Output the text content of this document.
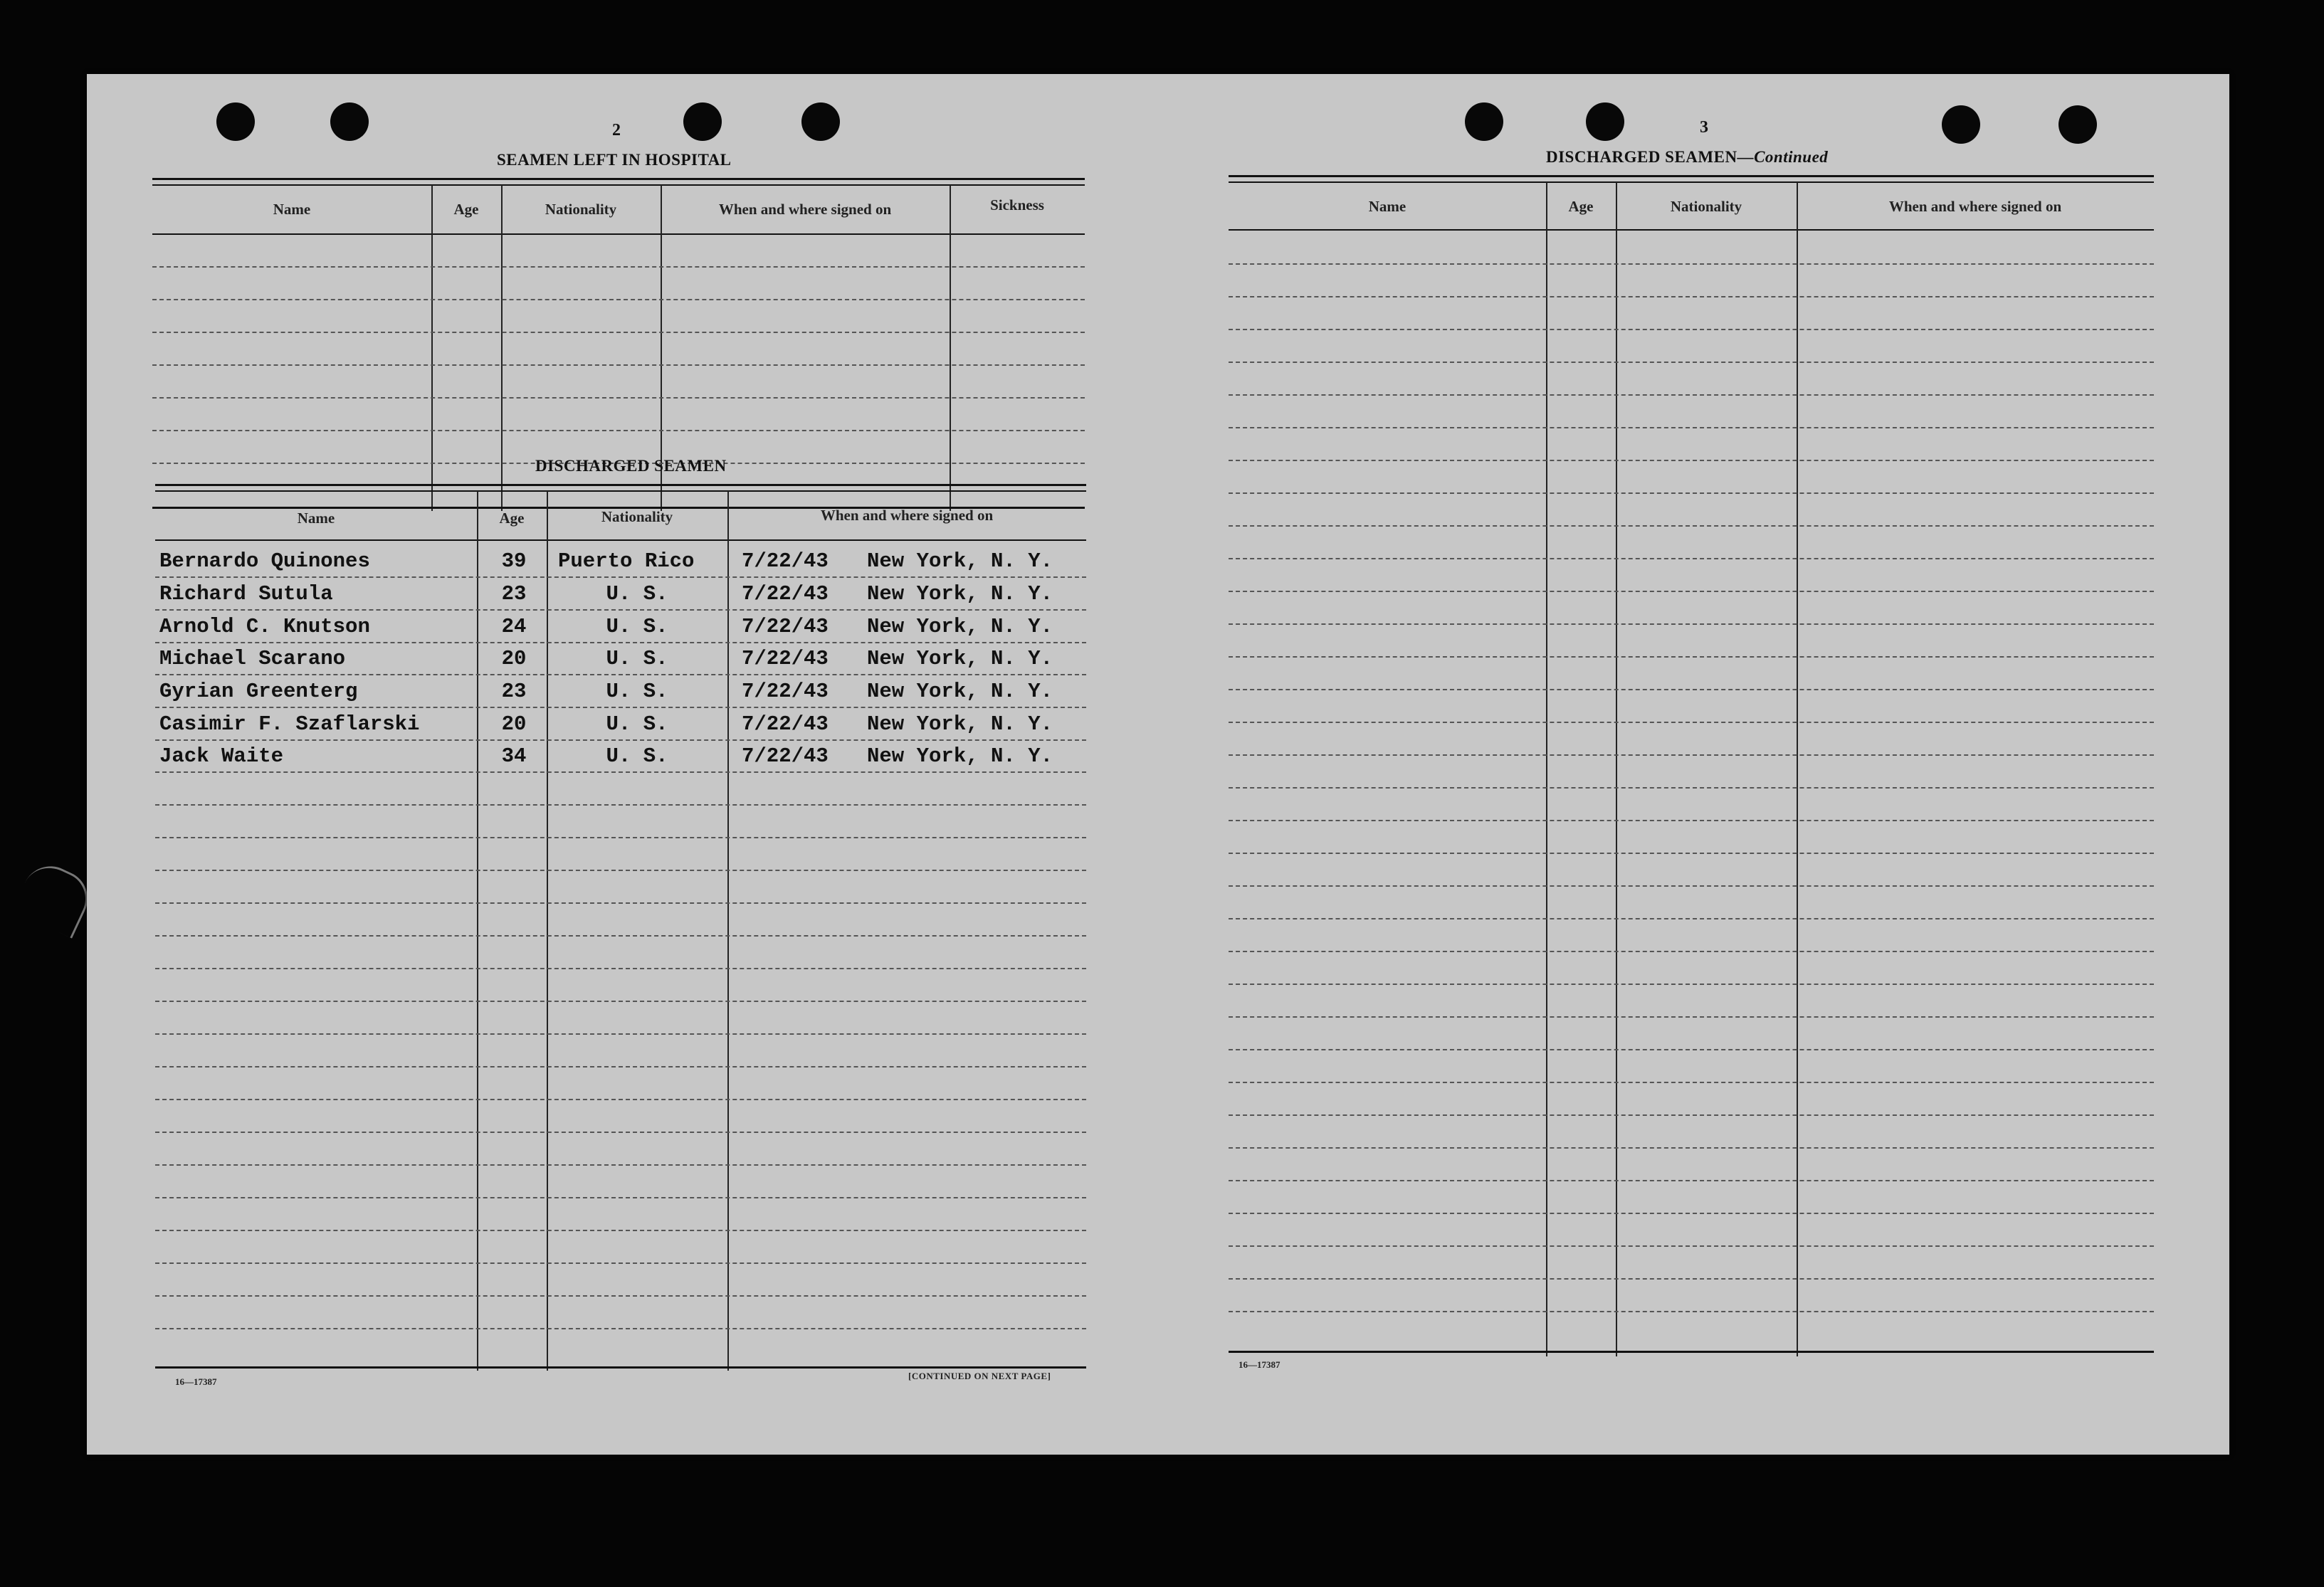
2
SEAMEN LEFT IN HOSPITAL
Name	Age	Nationality	When and where signed on	Sickness
DISCHARGED SEAMEN
Name	Age	Nationality	When and where signed on
Bernardo Quinones	39	Puerto Rico 7/22/43 New York, N. Y.
Richard Sutula	23	U. S.	7/22/43 New York, N. Y.
Arnold C. Knutson	24	U. S.	7/22/43 New York, N. Y.
Michael Scarano	20	U. S.	7/22/43 New York, N. Y.
Gyrian Greenterg	23	U. S.	7/22/43 New York, N. Y.
Casimir F. Szaflarski	20	U. S.	7/22/43 New York, N. Y.
Jack Waite	34	U. S.	7/22/43 New York, N. Y.
16—17387
[CONTINUED ON NEXT PAGE]
3
DISCHARGED SEAMEN—Continued
Name	Age	Nationality	When and where signed on
16—17387
